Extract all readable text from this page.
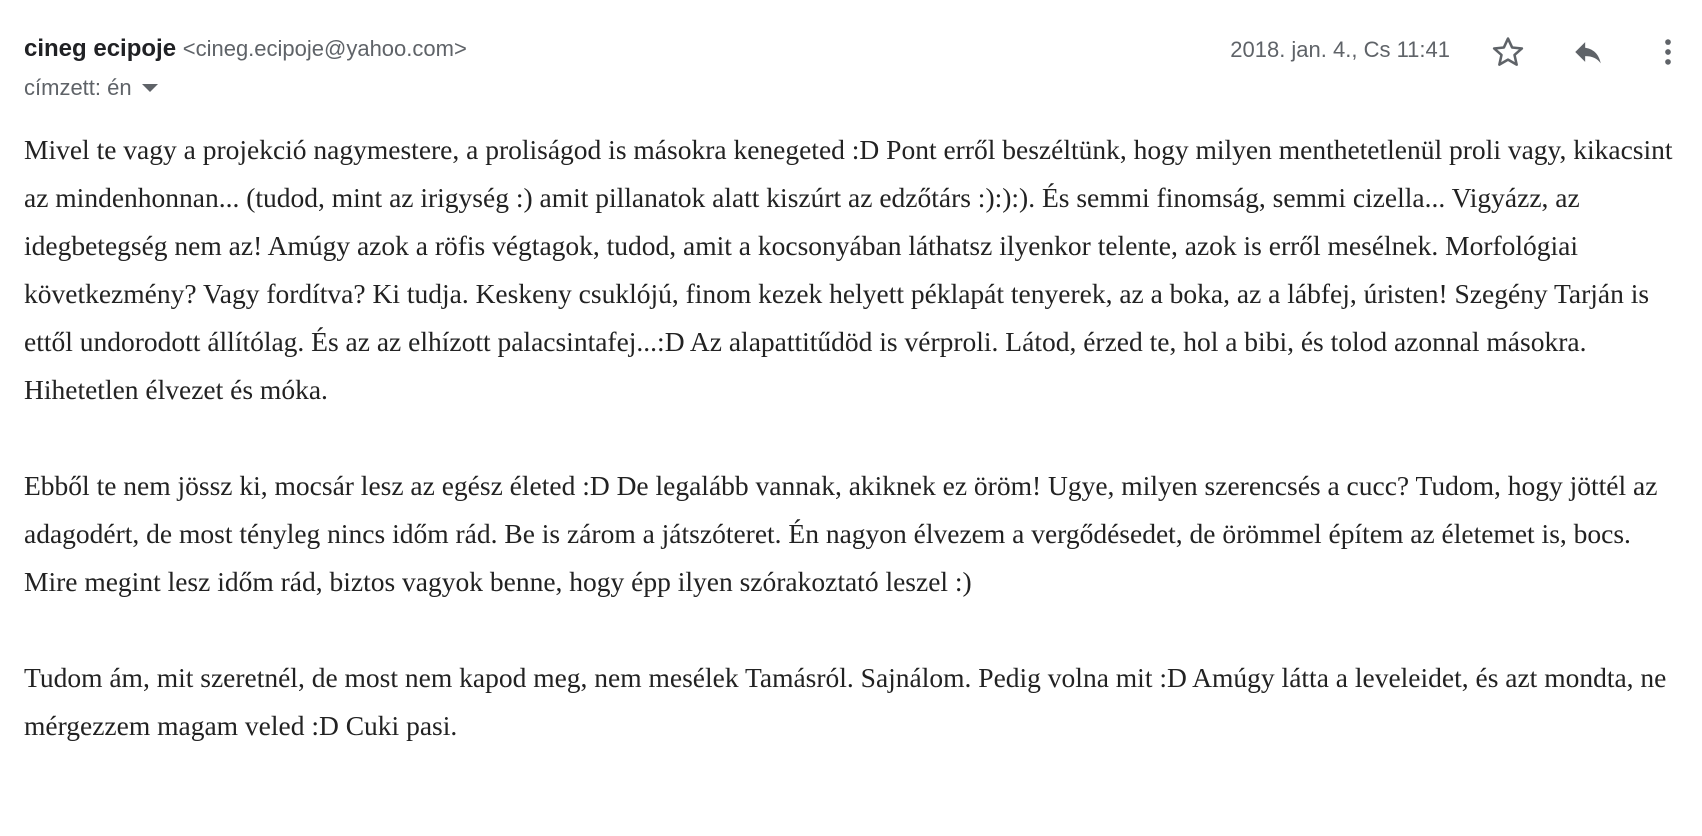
cineg ecipoje <cineg.ecipoje@yahoo.com>
címzett: én
2018. jan. 4., Cs 11:41

Mivel te vagy a projekció nagymestere, a proliságod is másokra kenegeted :D Pont erről beszéltünk, hogy milyen menthetetlenül proli vagy, kikacsint az mindenhonnan... (tudod, mint az irigység :) amit pillanatok alatt kiszúrt az edzőtárs :):):). És semmi finomság, semmi cizella... Vigyázz, az idegbetegség nem az! Amúgy azok a röfis végtagok, tudod, amit a kocsonyában láthatsz ilyenkor telente, azok is erről mesélnek. Morfológiai következmény? Vagy fordítva? Ki tudja. Keskeny csuklójú, finom kezek helyett péklapát tenyerek, az a boka, az a lábfej, úristen! Szegény Tarján is ettől undorodott állítólag. És az az elhízott palacsintafej...:D Az alapattitűdöd is vérproli. Látod, érzed te, hol a bibi, és tolod azonnal másokra.
Hihetetlen élvezet és móka.

Ebből te nem jössz ki, mocsár lesz az egész életed :D De legalább vannak, akiknek ez öröm! Ugye, milyen szerencsés a cucc? Tudom, hogy jöttél az adagodért, de most tényleg nincs időm rád. Be is zárom a játszóteret. Én nagyon élvezem a vergődésedet, de örömmel építem az életemet is, bocs. Mire megint lesz időm rád, biztos vagyok benne, hogy épp ilyen szórakoztató leszel :)

Tudom ám, mit szeretnél, de most nem kapod meg, nem mesélek Tamásról. Sajnálom. Pedig volna mit :D Amúgy látta a leveleidet, és azt mondta, ne mérgezzem magam veled :D Cuki pasi.
